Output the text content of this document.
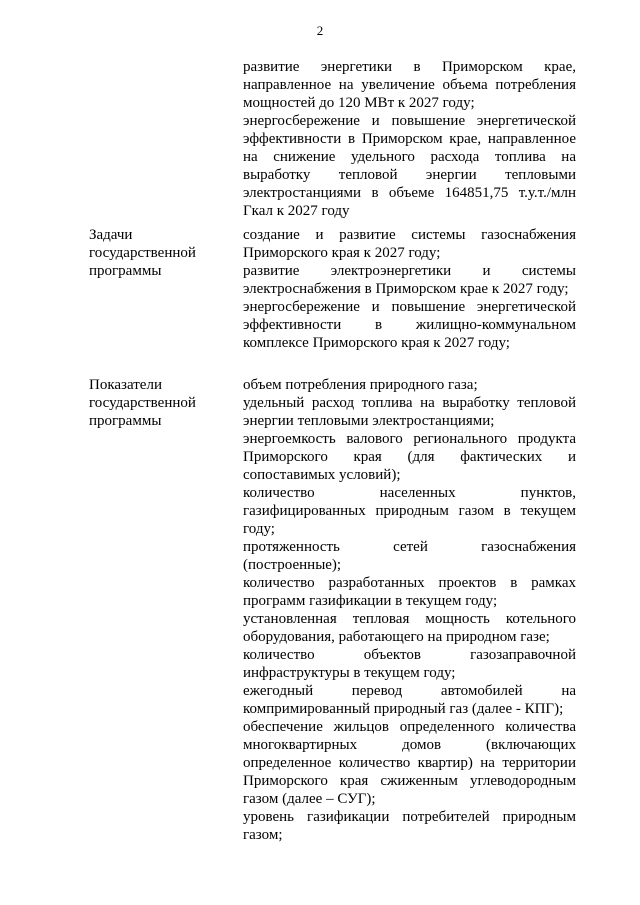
2
развитие энергетики в Приморском крае, направленное на увеличение объема потребления мощностей до 120 МВт к 2027 году;
энергосбережение и повышение энергетической эффективности в Приморском крае, направленное на снижение удельного расхода топлива на выработку тепловой энергии тепловыми электростанциями в объеме 164851,75 т.у.т./млн Гкал к 2027 году
Задачи
государственной
программы
создание и развитие системы газоснабжения Приморского края к 2027 году;
развитие электроэнергетики и системы электроснабжения в Приморском крае к 2027 году;
энергосбережение и повышение энергетической эффективности в жилищно-коммунальном комплексе Приморского края к 2027 году;
Показатели
государственной
программы
объем потребления природного газа;
удельный расход топлива на выработку тепловой энергии тепловыми электростанциями;
энергоемкость валового регионального продукта Приморского края (для фактических и сопоставимых условий);
количество населенных пунктов, газифицированных природным газом в текущем году;
протяженность сетей газоснабжения (построенные);
количество разработанных проектов в рамках программ газификации в текущем году;
установленная тепловая мощность котельного оборудования, работающего на природном газе;
количество объектов газозаправочной инфраструктуры в текущем году;
ежегодный перевод автомобилей на компримированный природный газ (далее - КПГ);
обеспечение жильцов определенного количества многоквартирных домов (включающих определенное количество квартир) на территории Приморского края сжиженным углеводородным газом (далее – СУГ);
уровень газификации потребителей природным газом;
